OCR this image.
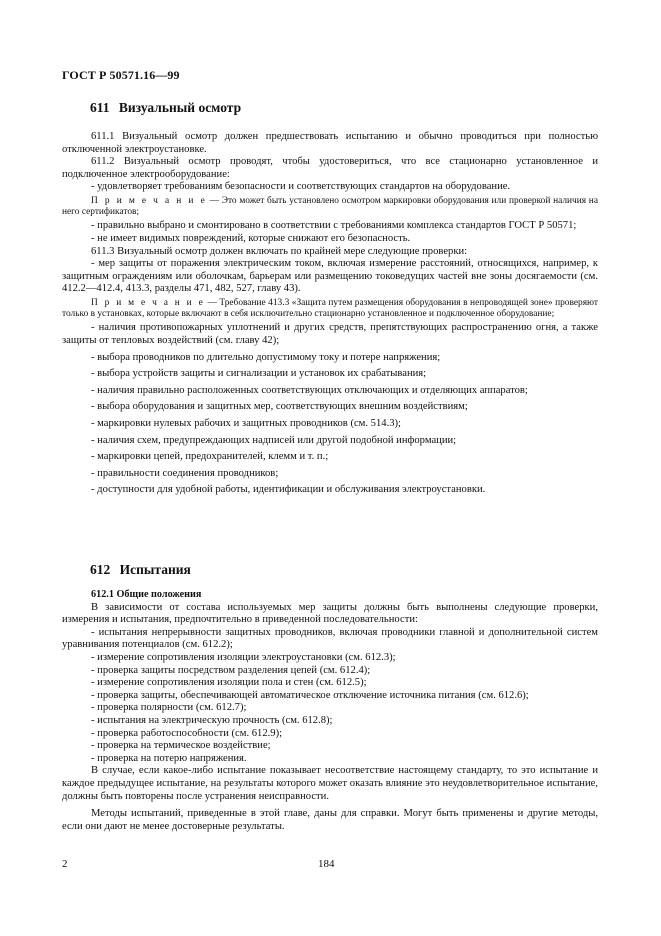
ГОСТ Р 50571.16—99
611 Визуальный осмотр

611.1 Визуальный осмотр должен предшествовать испытанию и обычно проводиться при полностью отключенной электроустановке.

611.2 Визуальный осмотр проводят, чтобы удостовериться, что все стационарно установленное и подключенное электрооборудование:

- удовлетворяет требованиям безопасности и соответствующих стандартов на оборудование.

П р и м е ч а н и е — Это может быть установлено осмотром маркировки оборудования или проверкой наличия на него сертификатов;

- правильно выбрано и смонтировано в соответствии с требованиями комплекса стандартов ГОСТ Р 50571;

- не имеет видимых повреждений, которые снижают его безопасность.

611.3 Визуальный осмотр должен включать по крайней мере следующие проверки:

- мер защиты от поражения электрическим током, включая измерение расстояний, относящихся, например, к защитным ограждениям или оболочкам, барьерам или размещению токоведущих частей вне зоны досягаемости (см. 412.2—412.4, 413.3, разделы 471, 482, 527, главу 43).

П р и м е ч а н и е — Требование 413.3 «Защита путем размещения оборудования в непроводящей зоне» проверяют только в установках, которые включают в себя исключительно стационарно установленное и подключенное оборудование;

- наличия противопожарных уплотнений и других средств, препятствующих распространению огня, а также защиты от тепловых воздействий (см. главу 42);

- выбора проводников по длительно допустимому току и потере напряжения;

- выбора устройств защиты и сигнализации и установок их срабатывания;

- наличия правильно расположенных соответствующих отключающих и отделяющих аппаратов;

- выбора оборудования и защитных мер, соответствующих внешним воздействиям;

- маркировки нулевых рабочих и защитных проводников (см. 514.3);

- наличия схем, предупреждающих надписей или другой подобной информации;

- маркировки цепей, предохранителей, клемм и т. п.;

- правильности соединения проводников;

- доступности для удобной работы, идентификации и обслуживания электроустановки.

612 Испытания

612.1 Общие положения

В зависимости от состава используемых мер защиты должны быть выполнены следующие проверки, измерения и испытания, предпочтительно в приведенной последовательности:

- испытания непрерывности защитных проводников, включая проводники главной и дополнительной систем уравнивания потенциалов (см. 612.2);

- измерение сопротивления изоляции электроустановки (см. 612.3);

- проверка защиты посредством разделения цепей (см. 612.4);

- измерение сопротивления изоляции пола и стен (см. 612.5);

- проверка защиты, обеспечивающей автоматическое отключение источника питания (см. 612.6);

- проверка полярности (см. 612.7);

- испытания на электрическую прочность (см. 612.8);

- проверка работоспособности (см. 612.9);

- проверка на термическое воздействие;

- проверка на потерю напряжения.

В случае, если какое-либо испытание показывает несоответствие настоящему стандарту, то это испытание и каждое предыдущее испытание, на результаты которого может оказать влияние это неудовлетворительное испытание, должны быть повторены после устранения неисправности.

Методы испытаний, приведенные в этой главе, даны для справки. Могут быть применены и другие методы, если они дают не менее достоверные результаты.

2	184
